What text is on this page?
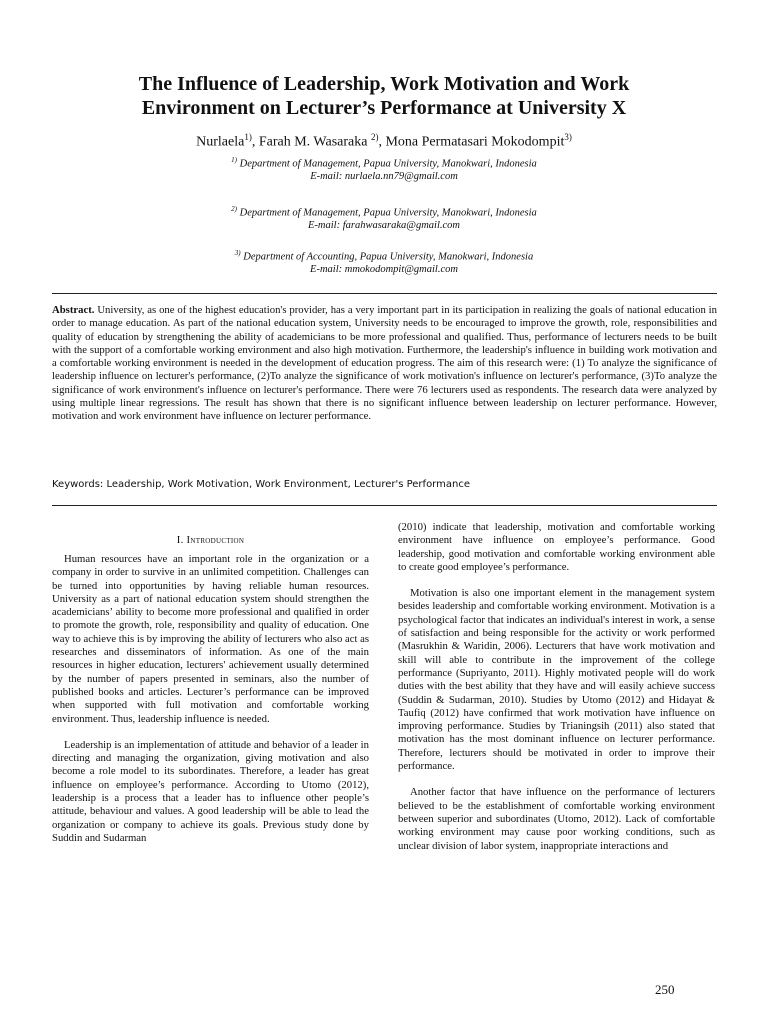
The Influence of Leadership, Work Motivation and Work
Environment on Lecturer’s Performance at University X
Nurlaela$^{1)}$, Farah M. Wasaraka $^{2)}$, Mona Permatasari Mokodompit$^{3)}$
$^{1)}$ Department of Management, Papua University, Manokwari, Indonesia
E-mail: nurlaela.nn79@gmail.com
$^{2)}$ Department of Management, Papua University, Manokwari, Indonesia
E-mail: farahwasaraka@gmail.com
$^{3)}$ Department of Accounting, Papua University, Manokwari, Indonesia
E-mail: mmokodompit@gmail.com

Abstract. University, as one of the highest education's provider, has a very important part in its participation in realizing the goals of national education in order to manage education. As part of the national education system, University needs to be encouraged to improve the growth, role, responsibilities and quality of education by strengthening the ability of academicians to be more professional and qualified. Thus, performance of lecturers needs to be built with the support of a comfortable working environment and also high motivation. Furthermore, the leadership's influence in building work motivation and a comfortable working environment is needed in the development of education progress. The aim of this research were: (1) To analyze the significance of leadership influence on lecturer's performance, (2)To analyze the significance of work motivation's influence on lecturer's performance, (3)To analyze the significance of work environment's influence on lecturer's performance. There were 76 lecturers used as respondents. The research data were analyzed by using multiple linear regressions. The result has shown that there is no significant influence between leadership on lecturer performance. However, motivation and work environment have influence on lecturer performance.

Keywords: Leadership, Work Motivation, Work Environment, Lecturer's Performance
I. Introduction

Human resources have an important role in the organization or a company in order to survive in an unlimited competition. Challenges can be turned into opportunities by having reliable human resources. University as a part of national education system should strengthen the academicians’ ability to become more professional and qualified in order to promote the growth, role, responsibility and quality of education. One way to achieve this is by improving the ability of lecturers who also act as researches and disseminators of information. As one of the main resources in higher education, lecturers' achievement usually determined by the number of papers presented in seminars, also the number of published books and articles. Lecturer’s performance can be improved when supported with full motivation and comfortable working environment. Thus, leadership influence is needed.

Leadership is an implementation of attitude and behavior of a leader in directing and managing the organization, giving motivation and also become a role model to its subordinates. Therefore, a leader has great influence on employee’s performance. According to Utomo (2012), leadership is a process that a leader has to influence other people’s attitude, behaviour and values. A good leadership will be able to lead the organization or company to achieve its goals. Previous study done by Suddin and Sudarman

(2010) indicate that leadership, motivation and comfortable working environment have influence on employee’s performance. Good leadership, good motivation and comfortable working environment able to create good employee’s performance.

Motivation is also one important element in the management system besides leadership and comfortable working environment. Motivation is a psychological factor that indicates an individual's interest in work, a sense of satisfaction and being responsible for the activity or work performed (Masrukhin & Waridin, 2006). Lecturers that have work motivation and skill will able to contribute in the improvement of the college performance (Supriyanto, 2011). Highly motivated people will do work duties with the best ability that they have and will easily achieve success (Suddin & Sudarman, 2010). Studies by Utomo (2012) and Hidayat & Taufiq (2012) have confirmed that work motivation have influence on improving performance. Studies by Trianingsih (2011) also stated that motivation has the most dominant influence on lecturer performance. Therefore, lecturers should be motivated in order to improve their performance.

Another factor that have influence on the performance of lecturers believed to be the establishment of comfortable working environment between superior and subordinates (Utomo, 2012). Lack of comfortable working environment may cause poor working conditions, such as unclear division of labor system, inappropriate interactions and

250
